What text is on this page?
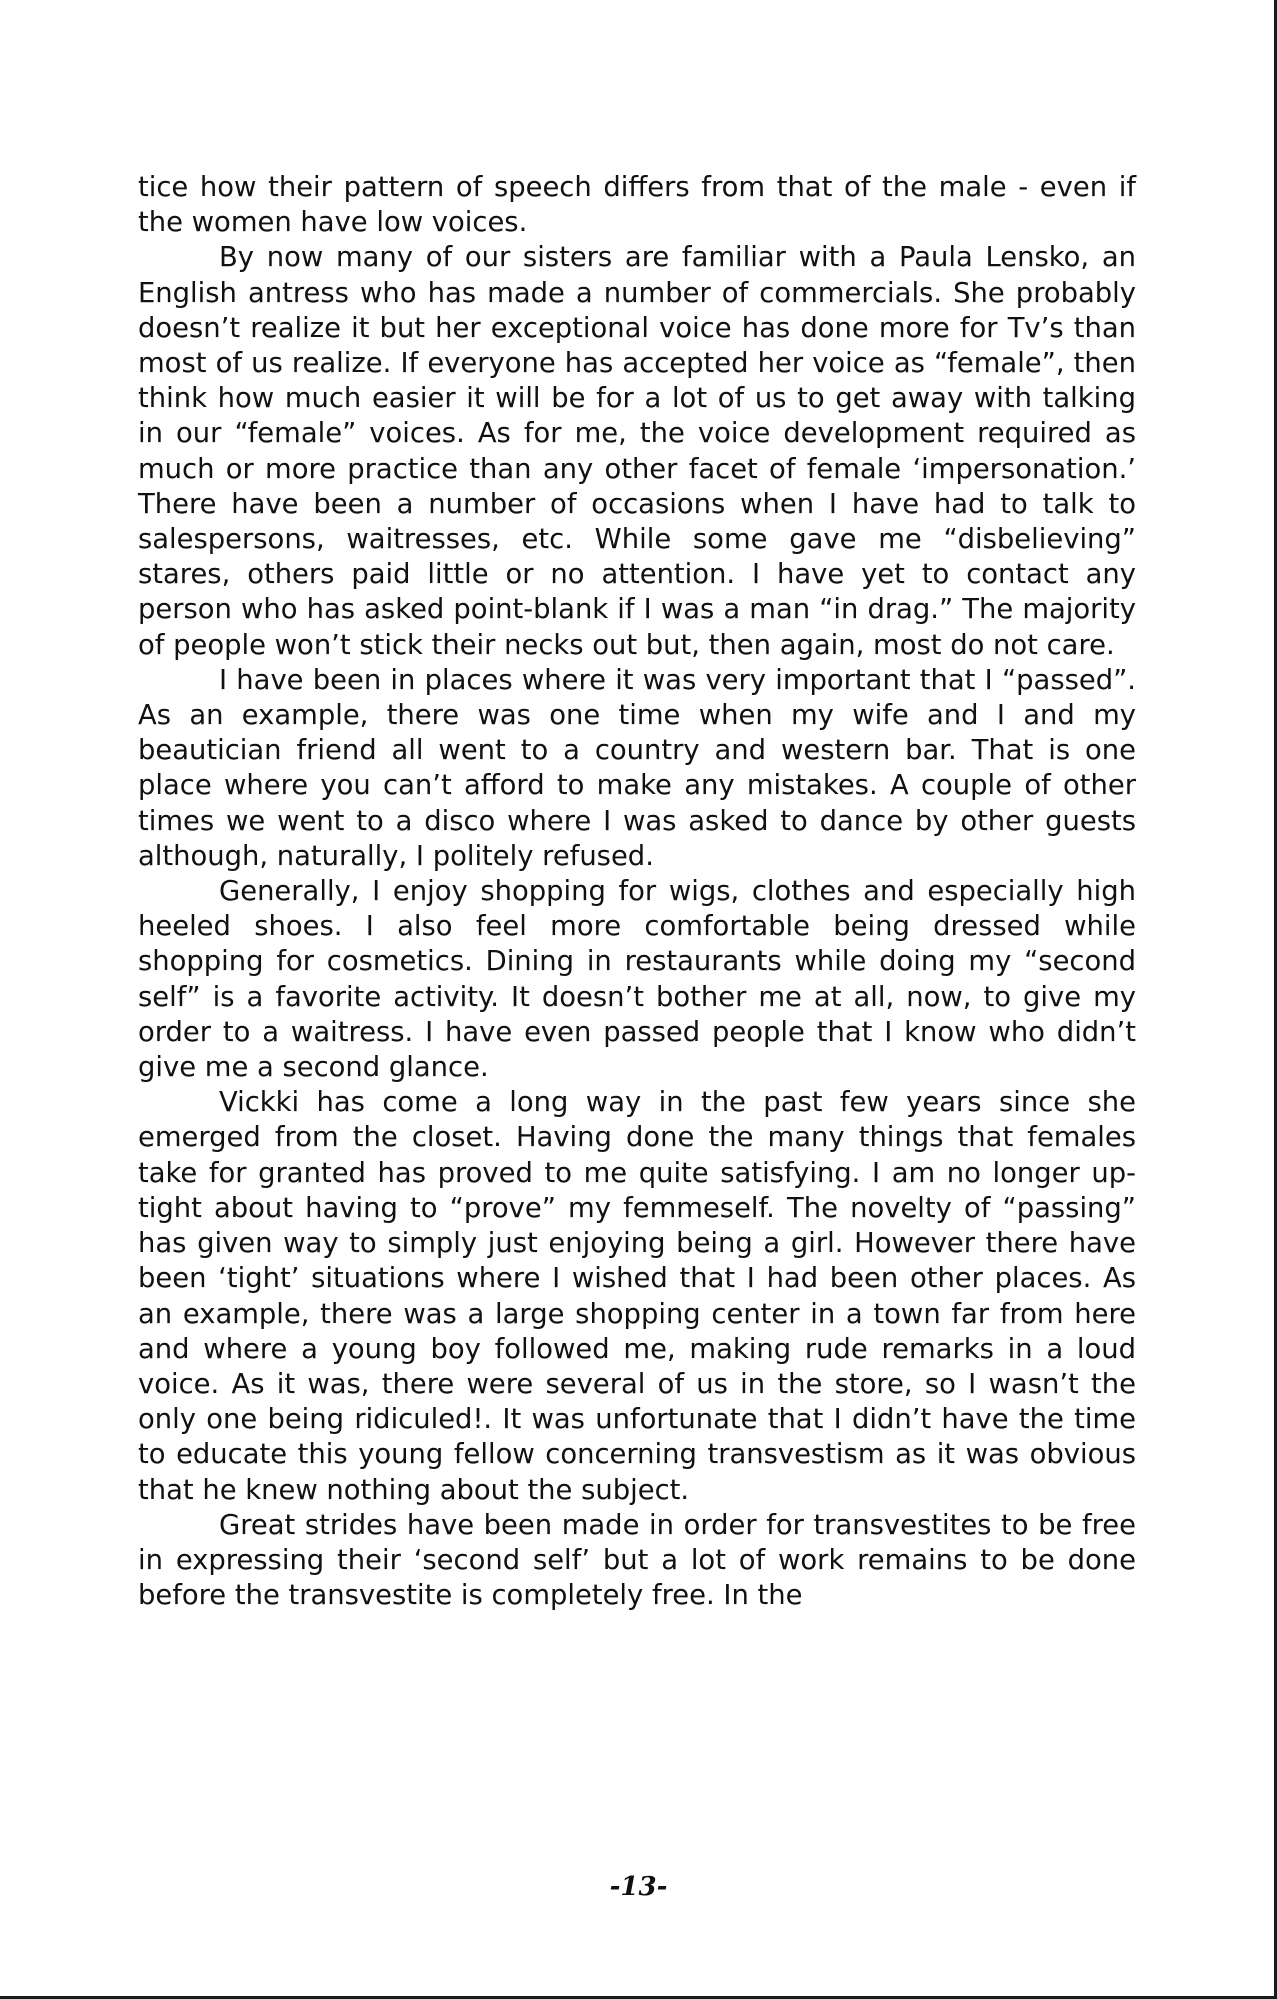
tice how their pattern of speech differs from that of the male - even if the women have low voices.

By now many of our sisters are familiar with a Paula Lensko, an English antress who has made a number of commercials. She probably doesn’t realize it but her exceptional voice has done more for Tv’s than most of us realize. If everyone has accepted her voice as “female”, then think how much easier it will be for a lot of us to get away with talking in our “female” voices. As for me, the voice development required as much or more practice than any other facet of female ‘impersonation.’ There have been a number of occasions when I have had to talk to salespersons, waitresses, etc. While some gave me “disbelieving” stares, others paid little or no attention. I have yet to contact any person who has asked point-blank if I was a man “in drag.” The majority of people won’t stick their necks out but, then again, most do not care.

I have been in places where it was very important that I “passed”. As an example, there was one time when my wife and I and my beautician friend all went to a country and western bar. That is one place where you can’t afford to make any mistakes. A couple of other times we went to a disco where I was asked to dance by other guests although, naturally, I politely refused.

Generally, I enjoy shopping for wigs, clothes and especially high heeled shoes. I also feel more comfortable being dressed while shopping for cosmetics. Dining in restaurants while doing my “second self” is a favorite activity. It doesn’t bother me at all, now, to give my order to a waitress. I have even passed people that I know who didn’t give me a second glance.

Vickki has come a long way in the past few years since she emerged from the closet. Having done the many things that females take for granted has proved to me quite satisfying. I am no longer up-tight about having to “prove” my femmeself. The novelty of “passing” has given way to simply just enjoying being a girl. However there have been ‘tight’ situations where I wished that I had been other places. As an example, there was a large shopping center in a town far from here and where a young boy followed me, making rude remarks in a loud voice. As it was, there were several of us in the store, so I wasn’t the only one being ridiculed!. It was unfortunate that I didn’t have the time to educate this young fellow concerning transvestism as it was obvious that he knew nothing about the subject.

Great strides have been made in order for transvestites to be free in expressing their ‘second self’ but a lot of work remains to be done before the transvestite is completely free. In the

-13-
